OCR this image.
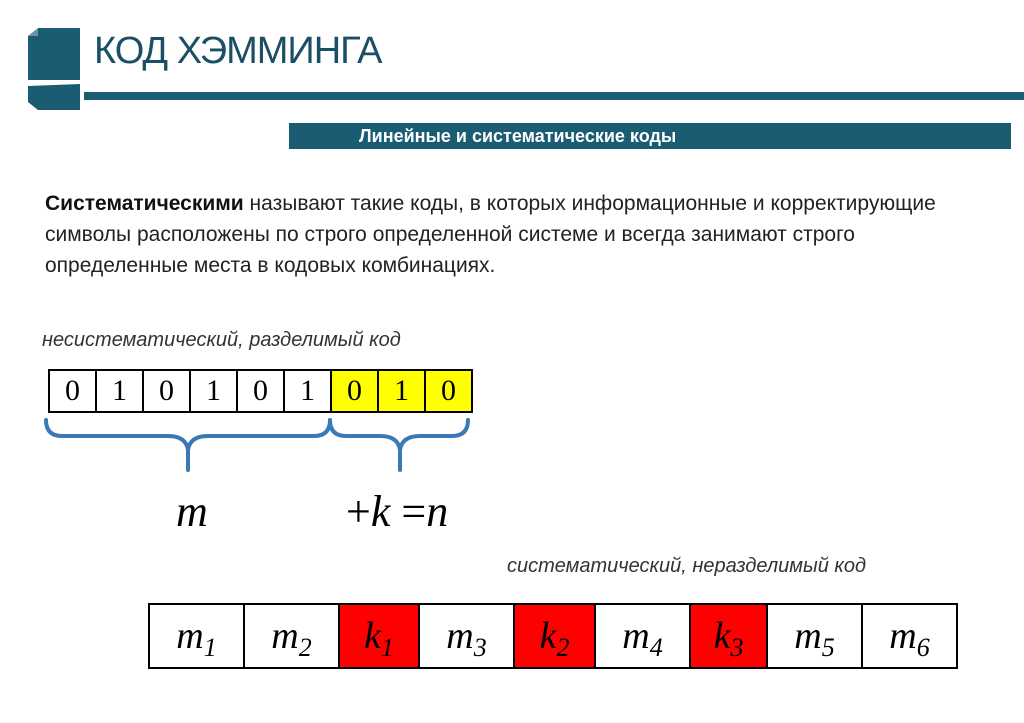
КОД ХЭММИНГА
Линейные и систематические коды
Систематическими называют такие коды, в которых информационные и корректирующие символы расположены по строго определенной системе и всегда занимают строго определенные места в кодовых комбинациях.
несистематический, разделимый код
0	1	0	1	0	1	0	1	0
m	+k =n
систематический, неразделимый код
$m_1$	$m_2$	$k_1$	$m_3$	$k_2$	$m_4$	$k_3$	$m_5$	$m_6$
